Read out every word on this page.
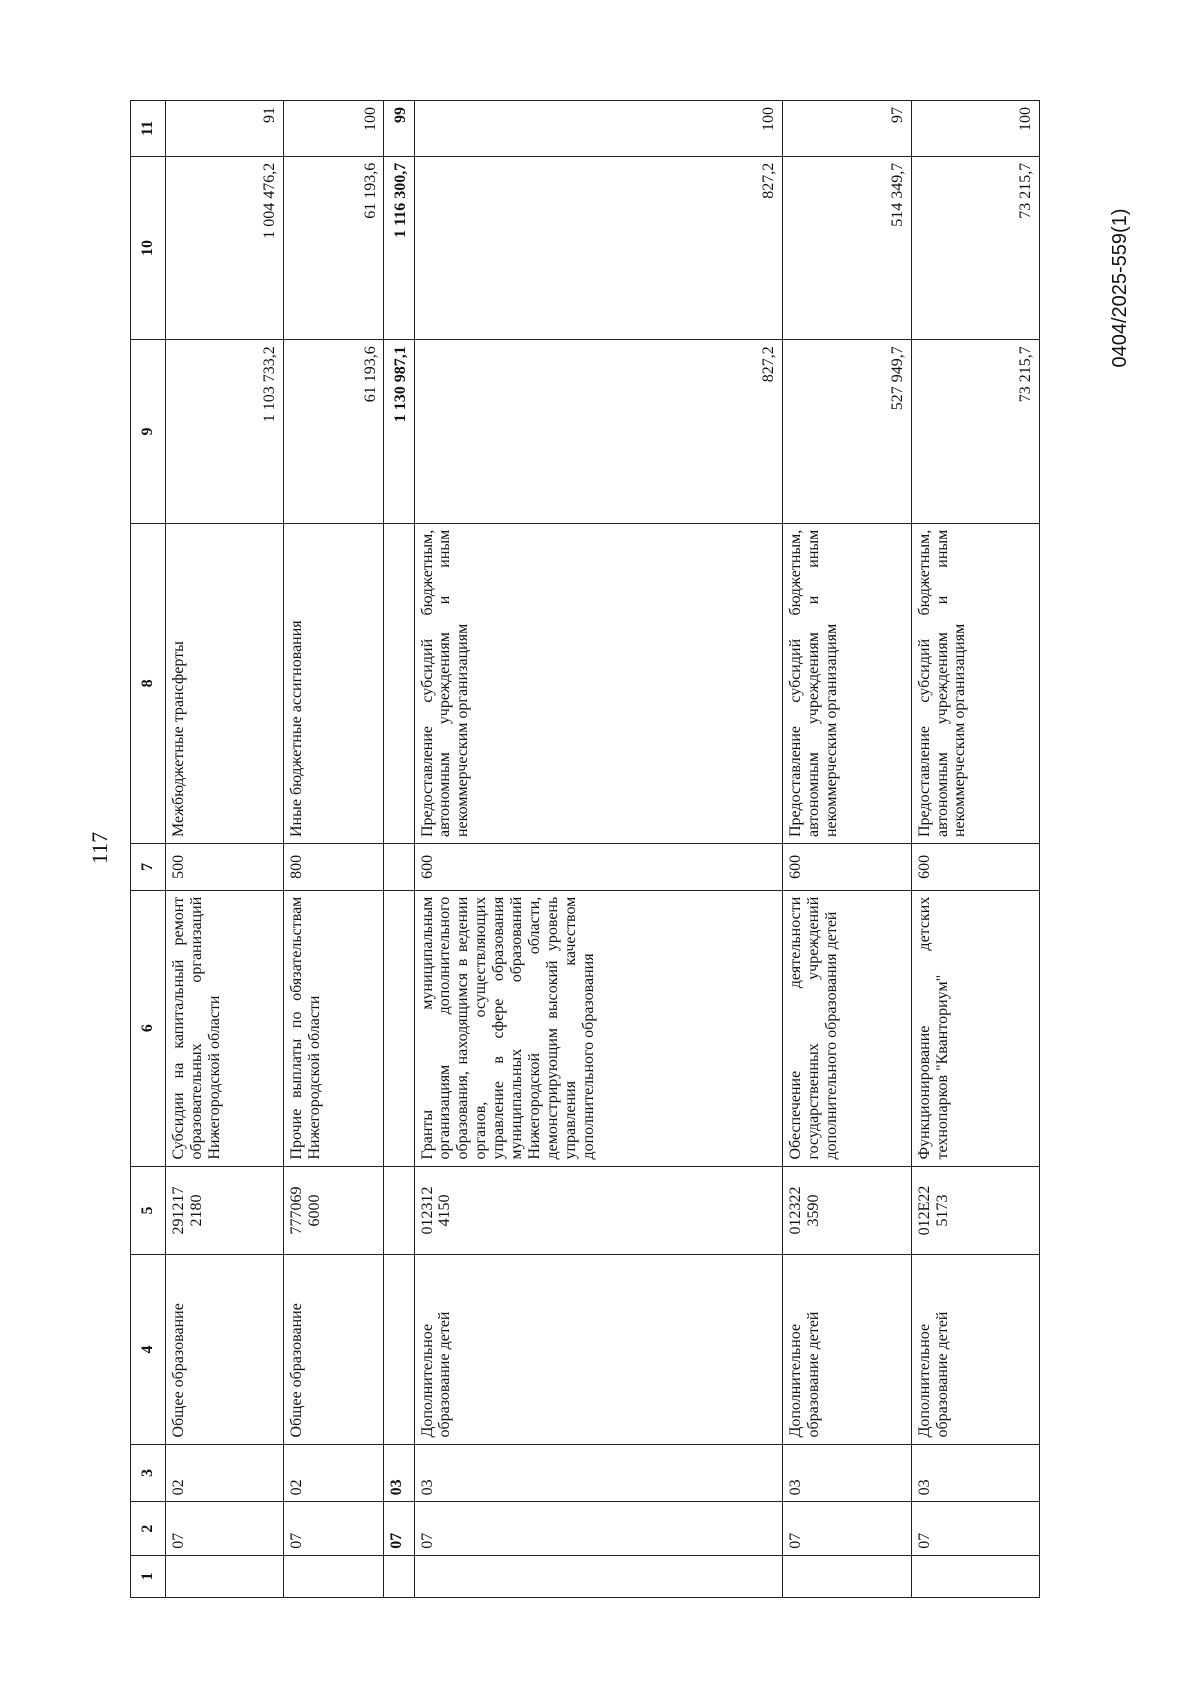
117
0404/2025-559(1)
1	2	3	4	5	6	7	8	9	10	11
	07	02	Общее образование	291217 2180	Субсидии на капитальный ремонт образовательных организаций Нижегородской области	500	Межбюджетные трансферты	1 103 733,2	1 004 476,2	91
	07	02	Общее образование	777069 6000	Прочие выплаты по обязательствам Нижегородской области	800	Иные бюджетные ассигнования	61 193,6	61 193,6	100
	07	03						1 130 987,1	1 116 300,7	99
	07	03	Дополнительное образование детей	012312 4150	Гранты муниципальным организациям дополнительного образования, находящимся в ведении органов, осуществляющих управление в сфере образования муниципальных образований Нижегородской области, демонстрирующим высокий уровень управления качеством дополнительного образования	600	Предоставление субсидий бюджетным, автономным учреждениям и иным некоммерческим организациям	827,2	827,2	100
	07	03	Дополнительное образование детей	012322 3590	Обеспечение деятельности государственных учреждений дополнительного образования детей	600	Предоставление субсидий бюджетным, автономным учреждениям и иным некоммерческим организациям	527 949,7	514 349,7	97
	07	03	Дополнительное образование детей	012E22 5173	Функционирование детских технопарков "Кванториум"	600	Предоставление субсидий бюджетным, автономным учреждениям и иным некоммерческим организациям	73 215,7	73 215,7	100
